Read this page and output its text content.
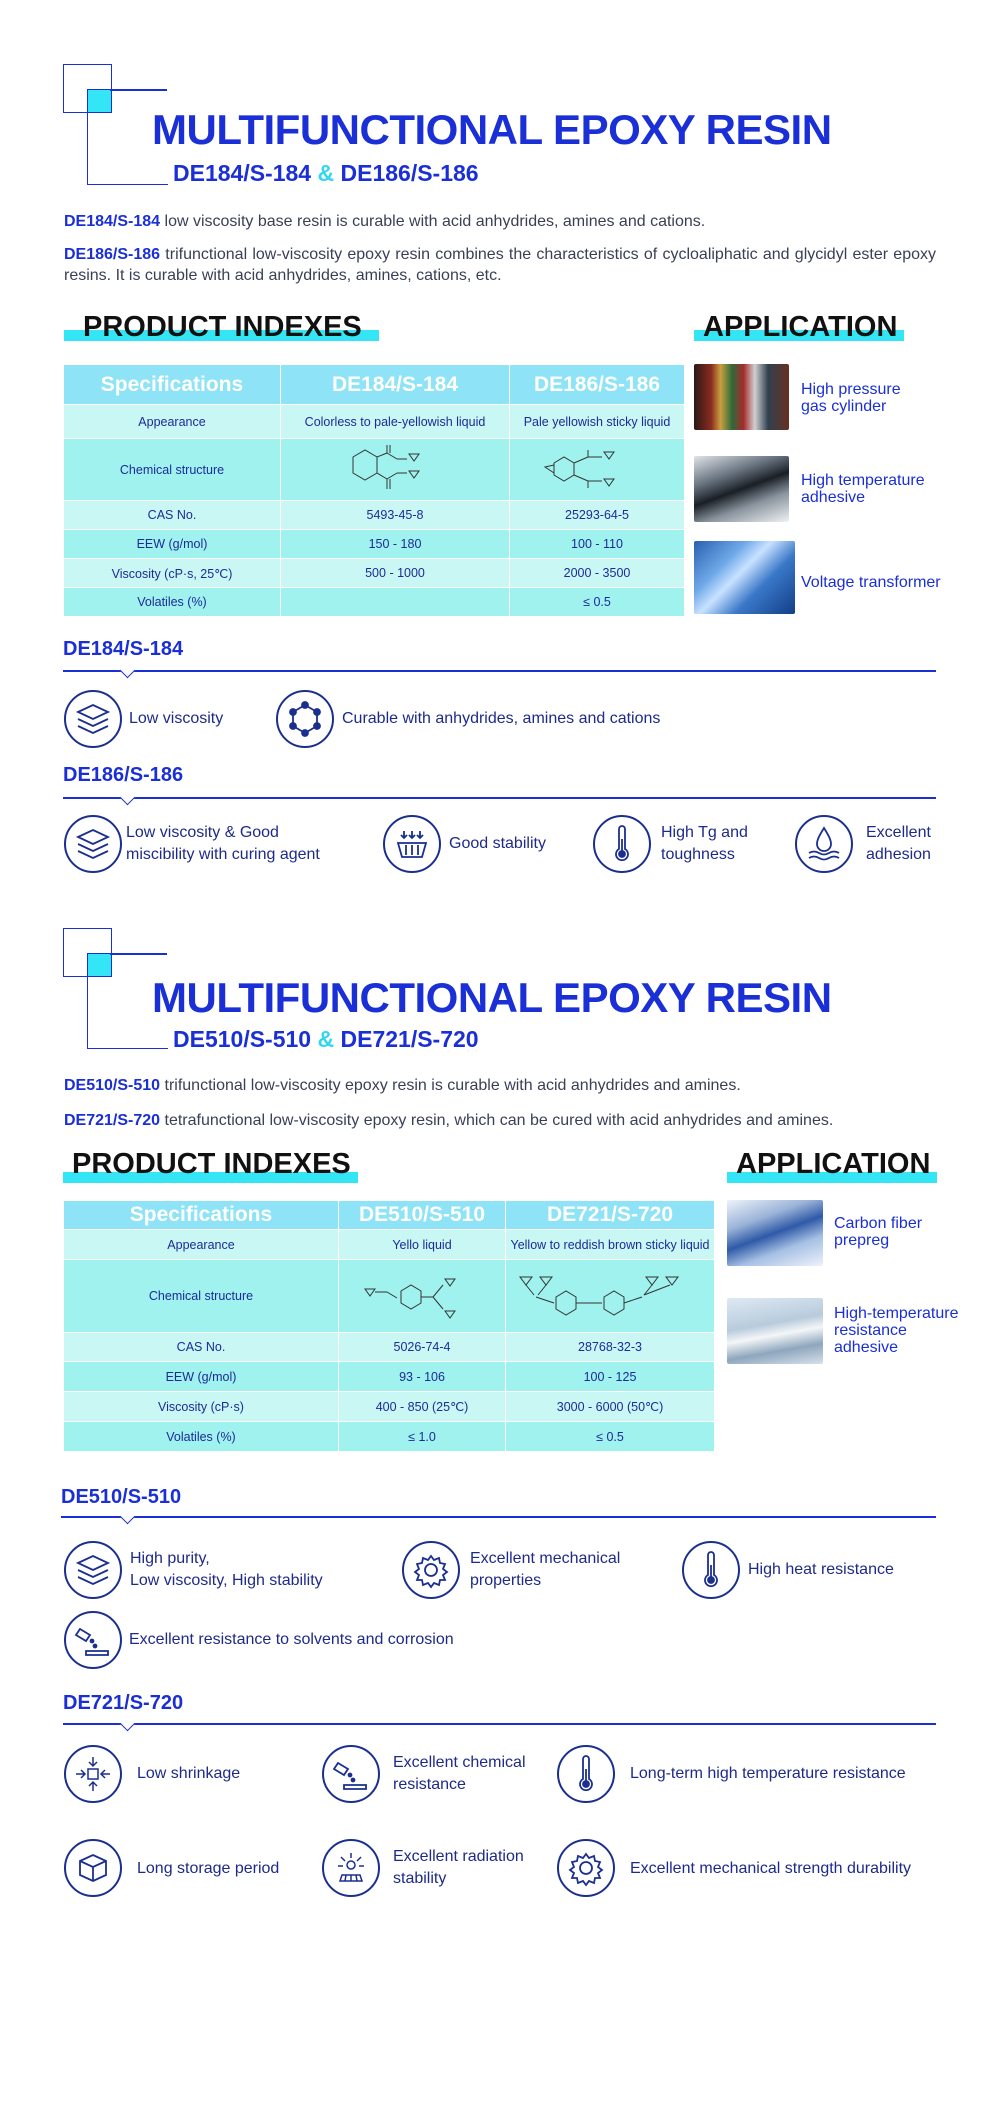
MULTIFUNCTIONAL EPOXY RESIN
DE184/S-184 & DE186/S-186
DE184/S-184 low viscosity base resin is curable with acid anhydrides, amines and cations.
DE186/S-186 trifunctional low-viscosity epoxy resin combines the characteristics of cycloaliphatic and glycidyl ester epoxy resins. It is curable with acid anhydrides, amines, cations, etc.
PRODUCT INDEXES	APPLICATION
Specifications	DE184/S-184	DE186/S-186
Appearance	Colorless to pale-yellowish liquid	Pale yellowish sticky liquid
Chemical structure		
CAS No.	5493-45-8	25293-64-5
EEW (g/mol)	150 - 180	100 - 110
Viscosity (cP·s, 25℃)	500 - 1000	2000 - 3500
Volatiles (%)		≤ 0.5
High pressure
gas cylinder
High temperature
adhesive
Voltage transformer
DE184/S-184
Low viscosity	Curable with anhydrides, amines and cations
DE186/S-186
Low viscosity & Good
miscibility with curing agent
Good stability
High Tg and
toughness
Excellent
adhesion
MULTIFUNCTIONAL EPOXY RESIN
DE510/S-510 & DE721/S-720
DE510/S-510 trifunctional low-viscosity epoxy resin is curable with acid anhydrides and amines.
DE721/S-720 tetrafunctional low-viscosity epoxy resin, which can be cured with acid anhydrides and amines.
PRODUCT INDEXES	APPLICATION
Specifications	DE510/S-510	DE721/S-720
Appearance	Yello liquid	Yellow to reddish brown sticky liquid
Chemical structure		
CAS No.	5026-74-4	28768-32-3
EEW (g/mol)	93 - 106	100 - 125
Viscosity (cP·s)	400 - 850 (25℃)	3000 - 6000 (50℃)
Volatiles (%)	≤ 1.0	≤ 0.5
Carbon fiber
prepreg
High-temperature
resistance
adhesive
DE510/S-510
High purity,
Low viscosity, High stability
Excellent mechanical
properties
High heat resistance
Excellent resistance to solvents and corrosion
DE721/S-720
Low shrinkage
Excellent chemical
resistance
Long-term high temperature resistance
Long storage period
Excellent radiation
stability
Excellent mechanical strength durability
